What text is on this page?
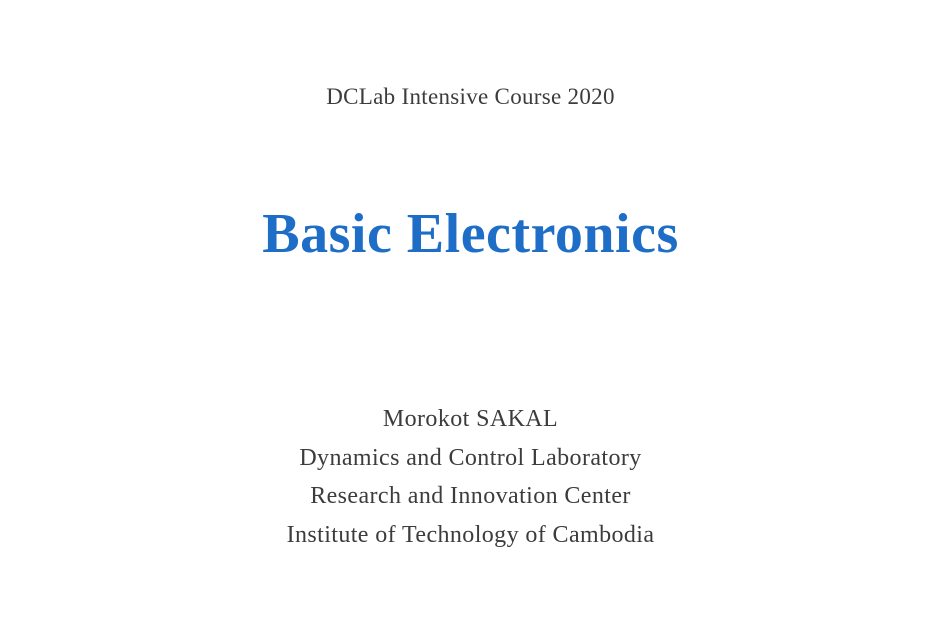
DCLab Intensive Course 2020
Basic Electronics
Morokot SAKAL
Dynamics and Control Laboratory
Research and Innovation Center
Institute of Technology of Cambodia
